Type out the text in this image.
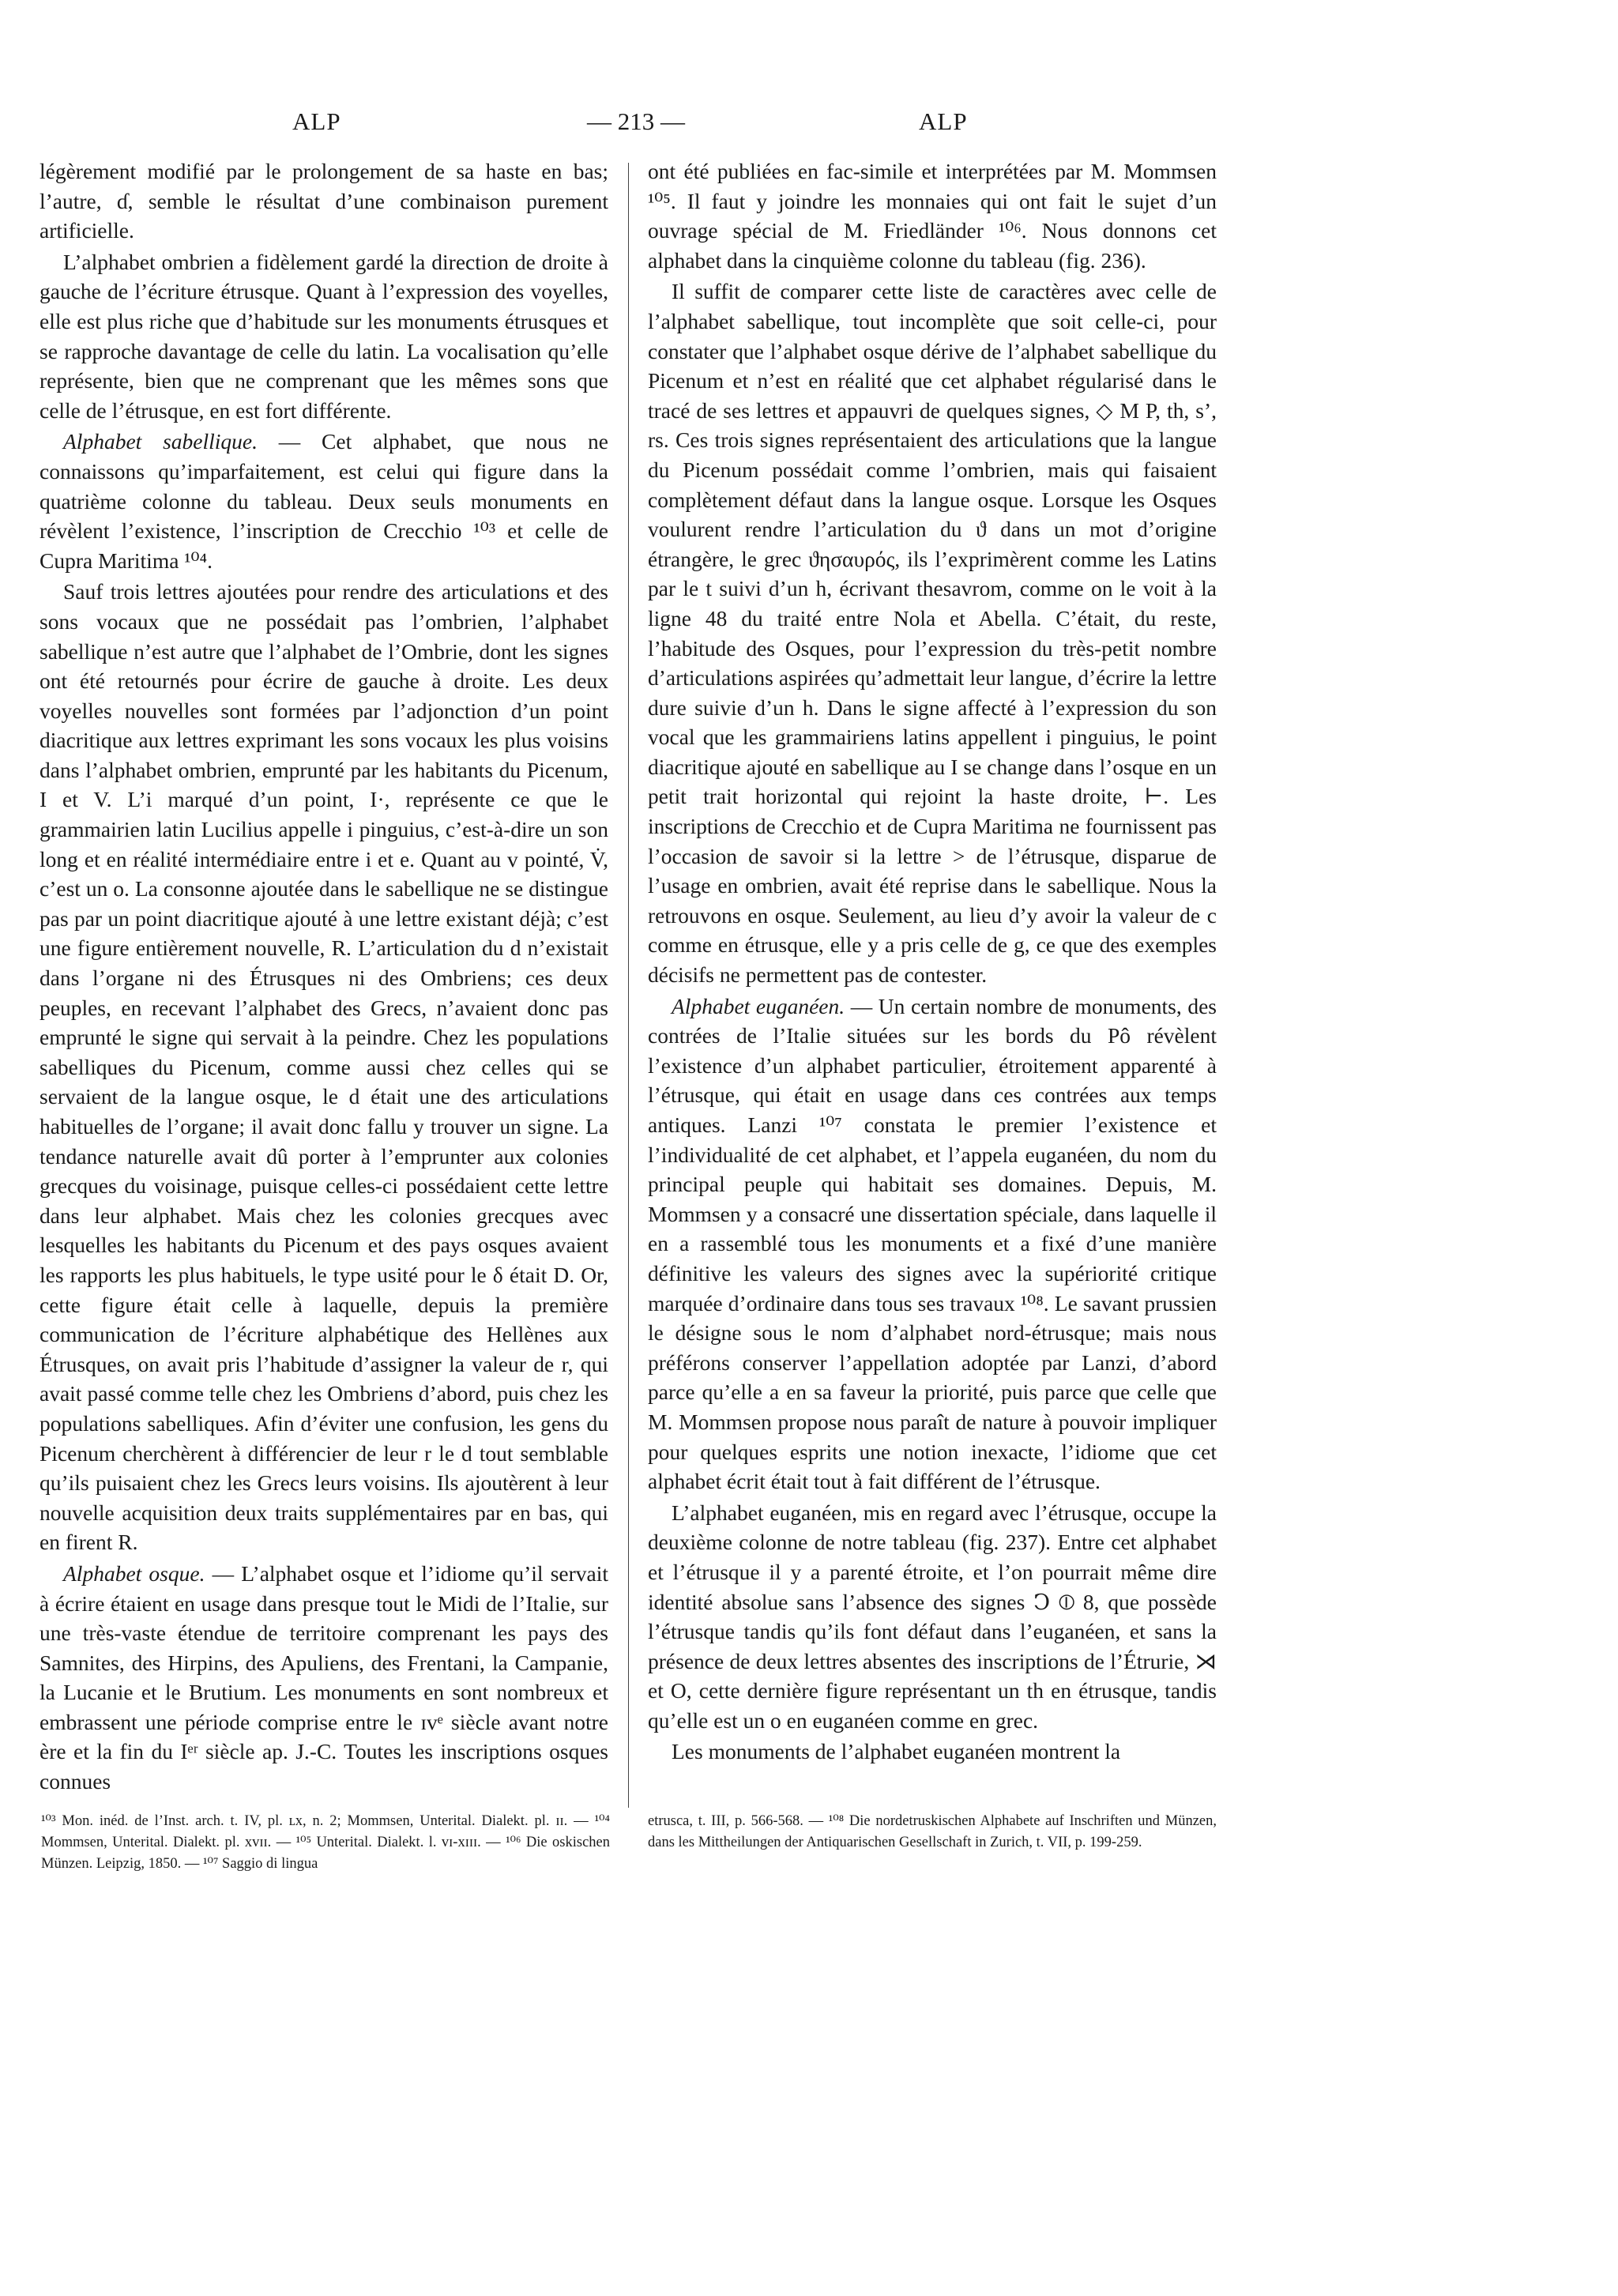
ALP	— 213 —	ALP

légèrement modifié par le prolongement de sa haste en bas; l’autre, ɗ, semble le résultat d’une combinaison purement artificielle.

L’alphabet ombrien a fidèlement gardé la direction de droite à gauche de l’écriture étrusque. Quant à l’expression des voyelles, elle est plus riche que d’habitude sur les monuments étrusques et se rapproche davantage de celle du latin. La vocalisation qu’elle représente, bien que ne comprenant que les mêmes sons que celle de l’étrusque, en est fort différente.

Alphabet sabellique. — Cet alphabet, que nous ne connaissons qu’imparfaitement, est celui qui figure dans la quatrième colonne du tableau. Deux seuls monuments en révèlent l’existence, l’inscription de Crecchio ¹⁰³ et celle de Cupra Maritima ¹⁰⁴.

Sauf trois lettres ajoutées pour rendre des articulations et des sons vocaux que ne possédait pas l’ombrien, l’alphabet sabellique n’est autre que l’alphabet de l’Ombrie, dont les signes ont été retournés pour écrire de gauche à droite. Les deux voyelles nouvelles sont formées par l’adjonction d’un point diacritique aux lettres exprimant les sons vocaux les plus voisins dans l’alphabet ombrien, emprunté par les habitants du Picenum, I et V. L’i marqué d’un point, I·, représente ce que le grammairien latin Lucilius appelle i pinguius, c’est-à-dire un son long et en réalité intermédiaire entre i et e. Quant au v pointé, V̇, c’est un o. La consonne ajoutée dans le sabellique ne se distingue pas par un point diacritique ajouté à une lettre existant déjà; c’est une figure entièrement nouvelle, R. L’articulation du d n’existait dans l’organe ni des Étrusques ni des Ombriens; ces deux peuples, en recevant l’alphabet des Grecs, n’avaient donc pas emprunté le signe qui servait à la peindre. Chez les populations sabelliques du Picenum, comme aussi chez celles qui se servaient de la langue osque, le d était une des articulations habituelles de l’organe; il avait donc fallu y trouver un signe. La tendance naturelle avait dû porter à l’emprunter aux colonies grecques du voisinage, puisque celles-ci possédaient cette lettre dans leur alphabet. Mais chez les colonies grecques avec lesquelles les habitants du Picenum et des pays osques avaient les rapports les plus habituels, le type usité pour le δ était D. Or, cette figure était celle à laquelle, depuis la première communication de l’écriture alphabétique des Hellènes aux Étrusques, on avait pris l’habitude d’assigner la valeur de r, qui avait passé comme telle chez les Ombriens d’abord, puis chez les populations sabelliques. Afin d’éviter une confusion, les gens du Picenum cherchèrent à différencier de leur r le d tout semblable qu’ils puisaient chez les Grecs leurs voisins. Ils ajoutèrent à leur nouvelle acquisition deux traits supplémentaires par en bas, qui en firent R.

Alphabet osque. — L’alphabet osque et l’idiome qu’il servait à écrire étaient en usage dans presque tout le Midi de l’Italie, sur une très-vaste étendue de territoire comprenant les pays des Samnites, des Hirpins, des Apuliens, des Frentani, la Campanie, la Lucanie et le Brutium. Les monuments en sont nombreux et embrassent une période comprise entre le ɪᴠᵉ siècle avant notre ère et la fin du Iᵉʳ siècle ap. J.-C. Toutes les inscriptions osques connues

ont été publiées en fac-simile et interprétées par M. Mommsen ¹⁰⁵. Il faut y joindre les monnaies qui ont fait le sujet d’un ouvrage spécial de M. Friedländer ¹⁰⁶. Nous donnons cet alphabet dans la cinquième colonne du tableau (fig. 236).

Il suffit de comparer cette liste de caractères avec celle de l’alphabet sabellique, tout incomplète que soit celle-ci, pour constater que l’alphabet osque dérive de l’alphabet sabellique du Picenum et n’est en réalité que cet alphabet régularisé dans le tracé de ses lettres et appauvri de quelques signes, ◇ M P, th, s’, rs. Ces trois signes représentaient des articulations que la langue du Picenum possédait comme l’ombrien, mais qui faisaient complètement défaut dans la langue osque. Lorsque les Osques voulurent rendre l’articulation du ϑ dans un mot d’origine étrangère, le grec ϑησαυρός, ils l’exprimèrent comme les Latins par le t suivi d’un h, écrivant thesavrom, comme on le voit à la ligne 48 du traité entre Nola et Abella. C’était, du reste, l’habitude des Osques, pour l’expression du très-petit nombre d’articulations aspirées qu’admettait leur langue, d’écrire la lettre dure suivie d’un h. Dans le signe affecté à l’expression du son vocal que les grammairiens latins appellent i pinguius, le point diacritique ajouté en sabellique au I se change dans l’osque en un petit trait horizontal qui rejoint la haste droite, ⊢. Les inscriptions de Crecchio et de Cupra Maritima ne fournissent pas l’occasion de savoir si la lettre > de l’étrusque, disparue de l’usage en ombrien, avait été reprise dans le sabellique. Nous la retrouvons en osque. Seulement, au lieu d’y avoir la valeur de c comme en étrusque, elle y a pris celle de g, ce que des exemples décisifs ne permettent pas de contester.

Alphabet euganéen. — Un certain nombre de monuments, des contrées de l’Italie situées sur les bords du Pô révèlent l’existence d’un alphabet particulier, étroitement apparenté à l’étrusque, qui était en usage dans ces contrées aux temps antiques. Lanzi ¹⁰⁷ constata le premier l’existence et l’individualité de cet alphabet, et l’appela euganéen, du nom du principal peuple qui habitait ses domaines. Depuis, M. Mommsen y a consacré une dissertation spéciale, dans laquelle il en a rassemblé tous les monuments et a fixé d’une manière définitive les valeurs des signes avec la supériorité critique marquée d’ordinaire dans tous ses travaux ¹⁰⁸. Le savant prussien le désigne sous le nom d’alphabet nord-étrusque; mais nous préférons conserver l’appellation adoptée par Lanzi, d’abord parce qu’elle a en sa faveur la priorité, puis parce que celle que M. Mommsen propose nous paraît de nature à pouvoir impliquer pour quelques esprits une notion inexacte, l’idiome que cet alphabet écrit était tout à fait différent de l’étrusque.

L’alphabet euganéen, mis en regard avec l’étrusque, occupe la deuxième colonne de notre tableau (fig. 237). Entre cet alphabet et l’étrusque il y a parenté étroite, et l’on pourrait même dire identité absolue sans l’absence des signes Ↄ ⦶ 8, que possède l’étrusque tandis qu’ils font défaut dans l’euganéen, et sans la présence de deux lettres absentes des inscriptions de l’Étrurie, ⋊ et O, cette dernière figure représentant un th en étrusque, tandis qu’elle est un o en euganéen comme en grec.

Les monuments de l’alphabet euganéen montrent la

¹⁰³ Mon. inéd. de l’Inst. arch. t. IV, pl. ʟx, n. 2; Mommsen, Unterital. Dialekt. pl. ɪɪ. — ¹⁰⁴ Mommsen, Unterital. Dialekt. pl. xᴠɪɪ. — ¹⁰⁵ Unterital. Dialekt. l. ᴠɪ-xɪɪɪ. — ¹⁰⁶ Die oskischen Münzen. Leipzig, 1850. — ¹⁰⁷ Saggio di lingua

etrusca, t. III, p. 566-568. — ¹⁰⁸ Die nordetruskischen Alphabete auf Inschriften und Münzen, dans les Mittheilungen der Antiquarischen Gesellschaft in Zurich, t. VII, p. 199-259.
